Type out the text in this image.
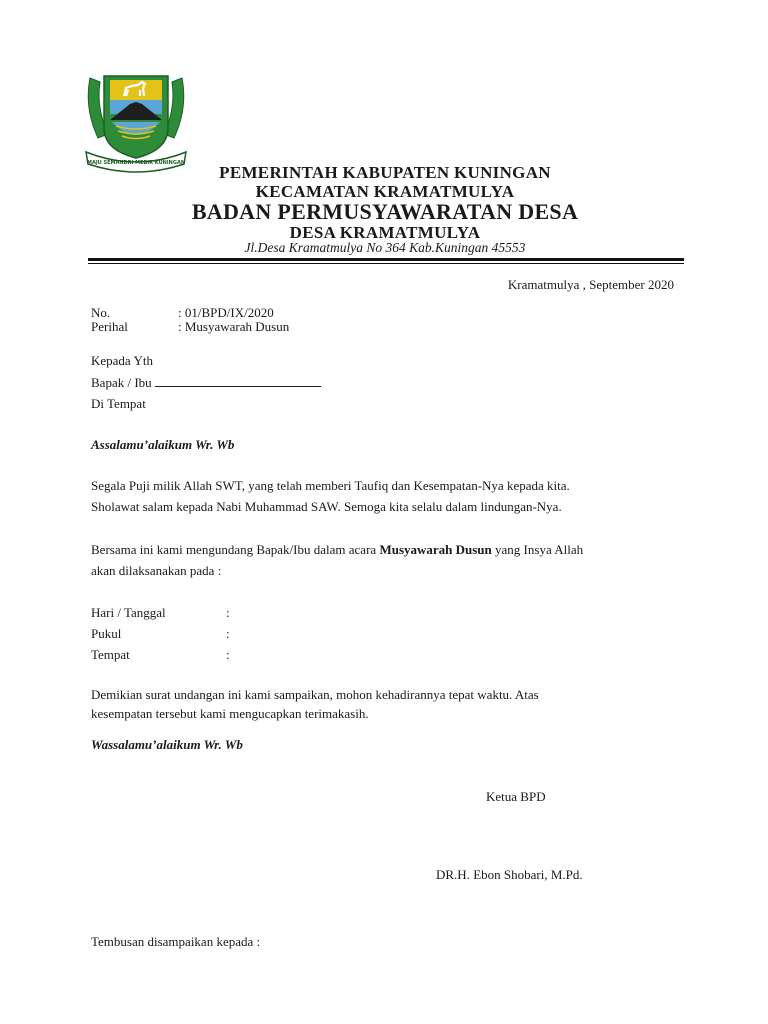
MAJU SEMANDRI MEBIR KUNINGAN	PEMERINTAH KABUPATEN KUNINGAN
KECAMATAN KRAMATMULYA
BADAN PERMUSYAWARATAN DESA
DESA KRAMATMULYA
Jl.Desa Kramatmulya No 364 Kab.Kuningan 45553
Kramatmulya , September 2020
No.	: 01/BPD/IX/2020
Perihal	: Musyawarah Dusun
Kepada Yth
Bapak / Ibu
Di Tempat
Assalamu’alaikum Wr. Wb
Segala Puji milik Allah SWT, yang telah memberi Taufiq dan Kesempatan-Nya kepada kita.
Sholawat salam kepada Nabi Muhammad SAW. Semoga kita selalu dalam lindungan-Nya.
Bersama ini kami mengundang Bapak/Ibu dalam acara Musyawarah Dusun yang Insya Allah
akan dilaksanakan pada :
Hari / Tanggal	:
Pukul	:
Tempat	:
Demikian surat undangan ini kami sampaikan, mohon kehadirannya tepat waktu. Atas
kesempatan tersebut kami mengucapkan terimakasih.
Wassalamu’alaikum Wr. Wb
Ketua BPD
DR.H. Ebon Shobari, M.Pd.
Tembusan disampaikan kepada :
